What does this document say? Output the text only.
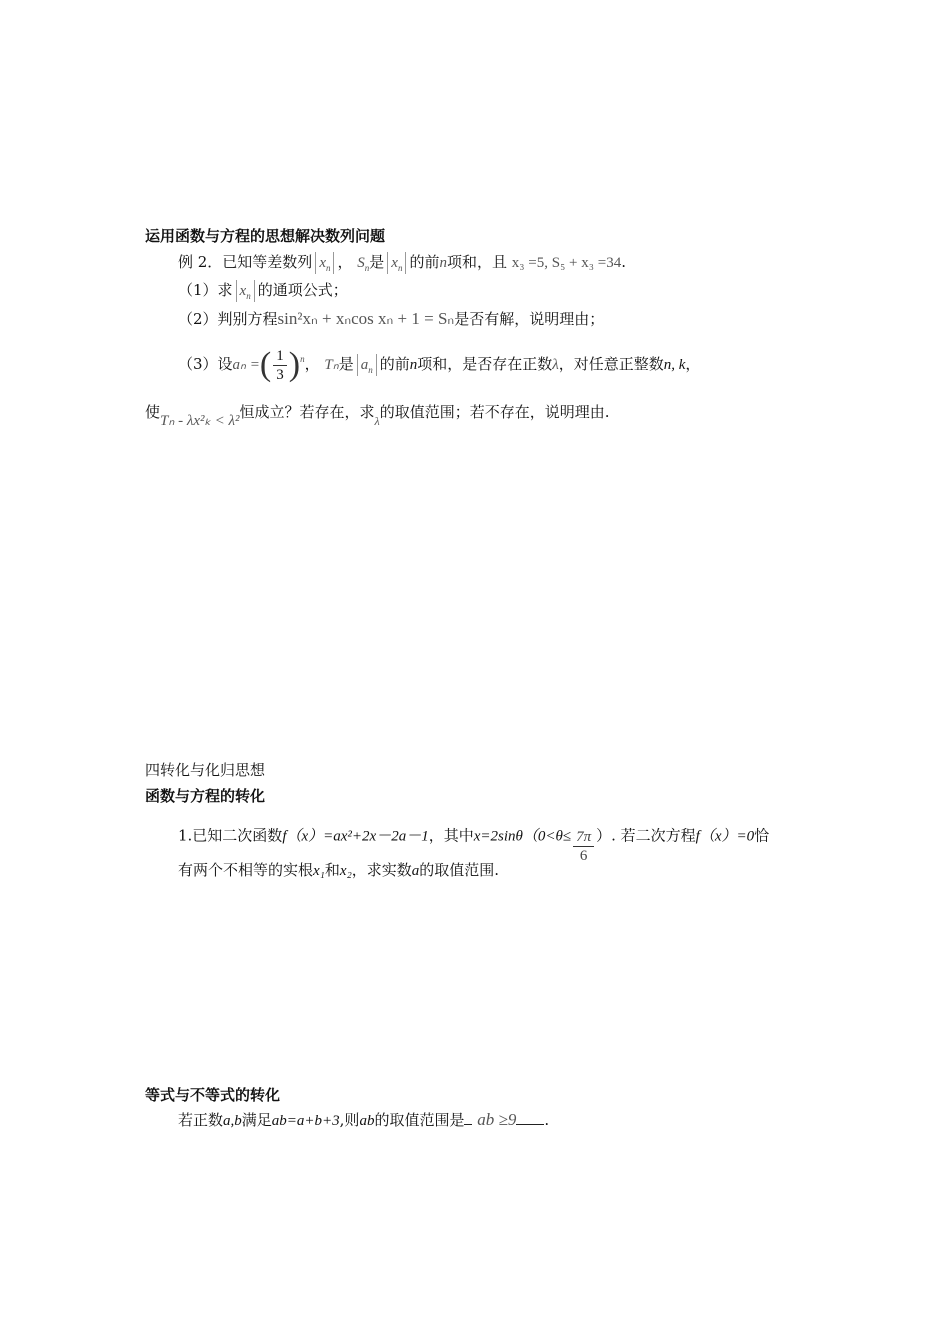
运用函数与方程的思想解决数列问题
例 2．已知等差数列 $x_n$ ， $S_n$是 $x_n$ 的前n项和，且 x₃ =5, S₅ + x₃ =34.
（1）求 $x_n$ 的通项公式；
（2）判别方程sin²xₙ + xₙcos xₙ + 1 = Sₙ是否有解，说明理由；
（3）设aₙ =( $\frac{1}{3} )^n$， Tₙ是 $a_n$ 的前n项和，是否存在正数λ，对任意正整数n, k，
使Tₙ - λx²ₖ < λ²恒成立？若存在，求$_\lambda$的取值范围；若不存在，说明理由.
四转化与化归思想
函数与方程的转化
1.已知二次函数f（x）=ax²+2x－2a－1，其中$x=2\sin\theta(0<\theta\le \frac{7\pi}{6}$ ）. 若二次方程f（x）=0恰
有两个不相等的实根x₁和x₂，求实数a的取值范围.
等式与不等式的转化
若正数a,b满足ab=a+b+3,则ab的取值范围是 ab ≥9 .
